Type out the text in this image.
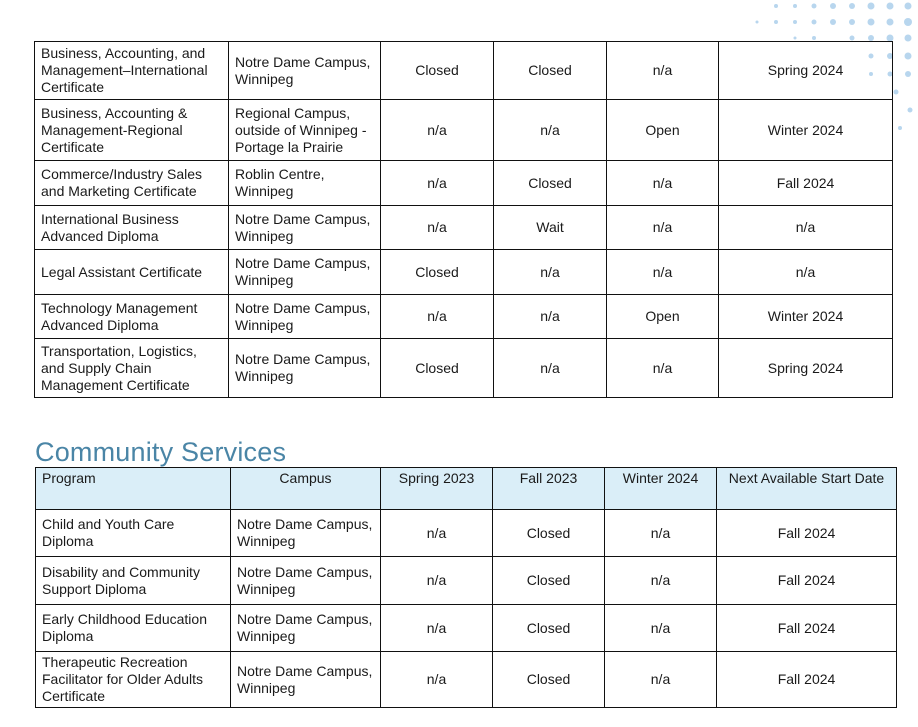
Business, Accounting, and Management–International Certificate	Notre Dame Campus, Winnipeg	Closed	Closed	n/a	Spring 2024
Business, Accounting & Management-Regional Certificate	Regional Campus, outside of Winnipeg - Portage la Prairie	n/a	n/a	Open	Winter 2024
Commerce/Industry Sales and Marketing Certificate	Roblin Centre, Winnipeg	n/a	Closed	n/a	Fall 2024
International Business Advanced Diploma	Notre Dame Campus, Winnipeg	n/a	Wait	n/a	n/a
Legal Assistant Certificate	Notre Dame Campus, Winnipeg	Closed	n/a	n/a	n/a
Technology Management Advanced Diploma	Notre Dame Campus, Winnipeg	n/a	n/a	Open	Winter 2024
Transportation, Logistics, and Supply Chain Management Certificate	Notre Dame Campus, Winnipeg	Closed	n/a	n/a	Spring 2024
Community Services
Program	Campus	Spring 2023	Fall 2023	Winter 2024	Next Available Start Date
Child and Youth Care Diploma	Notre Dame Campus, Winnipeg	n/a	Closed	n/a	Fall 2024
Disability and Community Support Diploma	Notre Dame Campus, Winnipeg	n/a	Closed	n/a	Fall 2024
Early Childhood Education Diploma	Notre Dame Campus, Winnipeg	n/a	Closed	n/a	Fall 2024
Therapeutic Recreation Facilitator for Older Adults Certificate	Notre Dame Campus, Winnipeg	n/a	Closed	n/a	Fall 2024
